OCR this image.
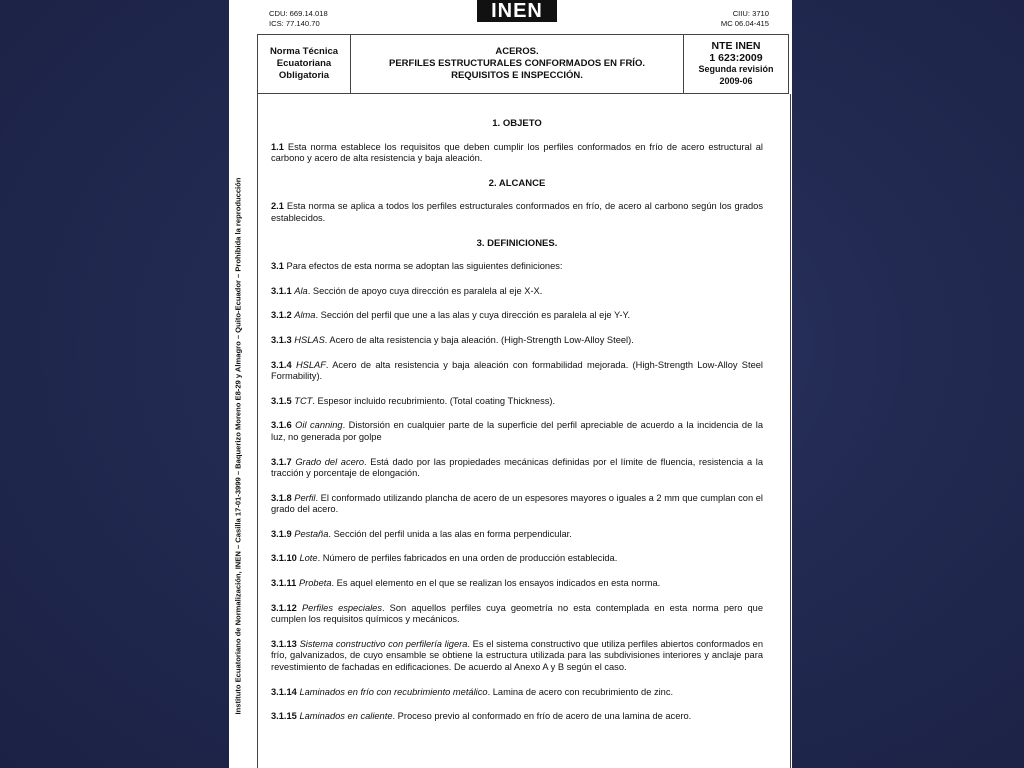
Instituto Ecuatoriano de Normalización, INEN – Casilla 17-01-3999 – Baquerizo Moreno E8-29 y Almagro – Quito-Ecuador – Prohibida la reproducción
CDU: 669.14.018
ICS: 77.140.70
INEN	CIIU: 3710
MC 06.04-415
Norma Técnica
Ecuatoriana
Obligatoria
ACEROS.
PERFILES ESTRUCTURALES CONFORMADOS EN FRÍO.
REQUISITOS E INSPECCIÓN.
NTE INEN
1 623:2009
Segunda revisión
2009-06
1. OBJETO
1.1 Esta norma establece los requisitos que deben cumplir los perfiles conformados en frío de acero estructural al carbono y acero de alta resistencia y baja aleación.
2. ALCANCE
2.1 Esta norma se aplica a todos los perfiles estructurales conformados en frío, de acero al carbono según los grados establecidos.
3. DEFINICIONES.
3.1 Para efectos de esta norma se adoptan las siguientes definiciones:
3.1.1 Ala. Sección de apoyo cuya dirección es paralela al eje X-X.
3.1.2 Alma. Sección del perfil que une a las alas y cuya dirección es paralela al eje Y-Y.
3.1.3 HSLAS. Acero de alta resistencia y baja aleación. (High-Strength Low-Alloy Steel).
3.1.4 HSLAF. Acero de alta resistencia y baja aleación con formabilidad mejorada. (High-Strength Low-Alloy Steel Formability).
3.1.5 TCT. Espesor incluido recubrimiento. (Total coating Thickness).
3.1.6 Oil canning. Distorsión en cualquier parte de la superficie del perfil apreciable de acuerdo a la incidencia de la luz, no generada por golpe
3.1.7 Grado del acero. Está dado por las propiedades mecánicas definidas por el límite de fluencia, resistencia a la tracción y porcentaje de elongación.
3.1.8 Perfil. El conformado utilizando plancha de acero de un espesores mayores o iguales a 2 mm que cumplan con el grado del acero.
3.1.9 Pestaña. Sección del perfil unida a las alas en forma perpendicular.
3.1.10 Lote. Número de perfiles fabricados en una orden de producción establecida.
3.1.11 Probeta. Es aquel elemento en el que se realizan los ensayos indicados en esta norma.
3.1.12 Perfiles especiales. Son aquellos perfiles cuya geometría no esta contemplada en esta norma pero que cumplen los requisitos químicos y mecánicos.
3.1.13 Sistema constructivo con perfilería ligera. Es el sistema constructivo que utiliza perfiles abiertos conformados en frío, galvanizados, de cuyo ensamble se obtiene la estructura utilizada para las subdivisiones interiores y anclaje para revestimiento de fachadas en edificaciones. De acuerdo al Anexo A y B según el caso.
3.1.14 Laminados en frío con recubrimiento metálico. Lamina de acero con recubrimiento de zinc.
3.1.15 Laminados en caliente. Proceso previo al conformado en frío de acero de una lamina de acero.
